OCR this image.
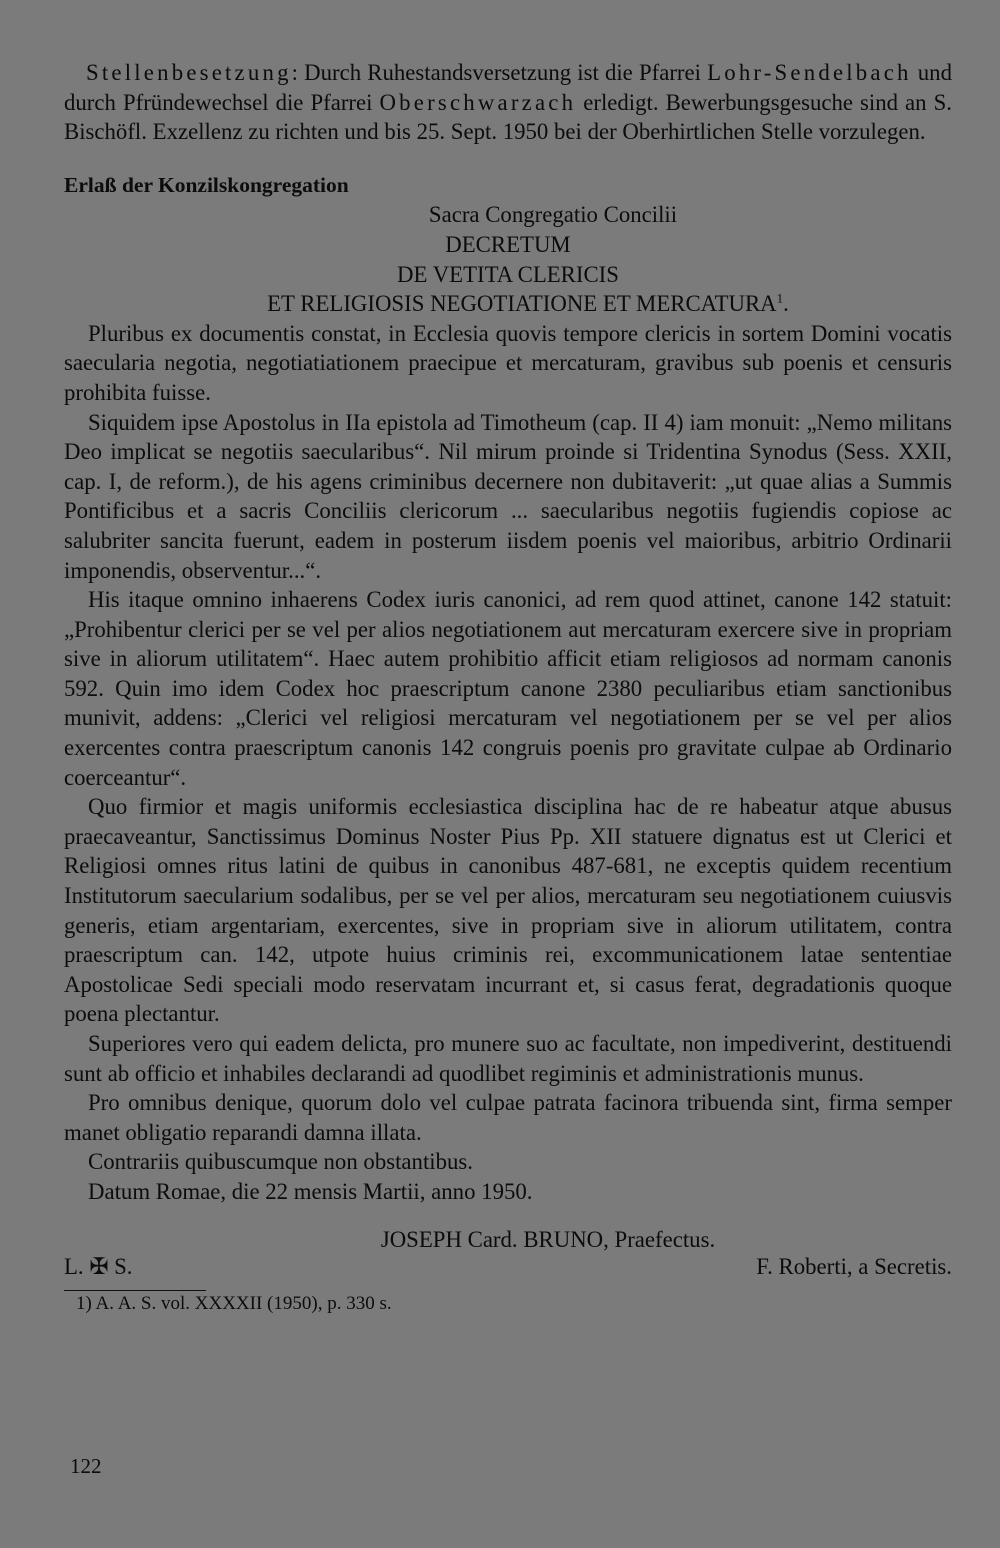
Stellenbesetzung: Durch Ruhestandsversetzung ist die Pfarrei Lohr-Sendelbach und durch Pfründewechsel die Pfarrei Oberschwarzach erledigt. Bewerbungsgesuche sind an S. Bischöfl. Exzellenz zu richten und bis 25. Sept. 1950 bei der Oberhirtlichen Stelle vorzulegen.

Erlaß der Konzilskongregation
Sacra Congregatio Concilii
DECRETUM
DE VETITA CLERICIS
ET RELIGIOSIS NEGOTIATIONE ET MERCATURA$^1$.

Pluribus ex documentis constat, in Ecclesia quovis tempore clericis in sortem Domini vocatis saecularia negotia, negotiatiationem praecipue et mercaturam, gravibus sub poenis et censuris prohibita fuisse.

Siquidem ipse Apostolus in IIa epistola ad Timotheum (cap. II 4) iam monuit: „Nemo militans Deo implicat se negotiis saecularibus“. Nil mirum proinde si Tridentina Synodus (Sess. XXII, cap. I, de reform.), de his agens criminibus decernere non dubitaverit: „ut quae alias a Summis Pontificibus et a sacris Conciliis clericorum ... saecularibus negotiis fugiendis copiose ac salubriter sancita fuerunt, eadem in posterum iisdem poenis vel maioribus, arbitrio Ordinarii imponendis, observentur...“.

His itaque omnino inhaerens Codex iuris canonici, ad rem quod attinet, canone 142 statuit: „Prohibentur clerici per se vel per alios negotiationem aut mercaturam exercere sive in propriam sive in aliorum utilitatem“. Haec autem prohibitio afficit etiam religiosos ad normam canonis 592. Quin imo idem Codex hoc praescriptum canone 2380 peculiaribus etiam sanctionibus munivit, addens: „Clerici vel religiosi mercaturam vel negotiationem per se vel per alios exercentes contra praescriptum canonis 142 congruis poenis pro gravitate culpae ab Ordinario coerceantur“.

Quo firmior et magis uniformis ecclesiastica disciplina hac de re habeatur atque abusus praecaveantur, Sanctissimus Dominus Noster Pius Pp. XII statuere dignatus est ut Clerici et Religiosi omnes ritus latini de quibus in canonibus 487-681, ne exceptis quidem recentium Institutorum saecularium sodalibus, per se vel per alios, mercaturam seu negotiationem cuiusvis generis, etiam argentariam, exercentes, sive in propriam sive in aliorum utilitatem, contra praescriptum can. 142, utpote huius criminis rei, excommunicationem latae sententiae Apostolicae Sedi speciali modo reservatam incurrant et, si casus ferat, degradationis quoque poena plectantur.

Superiores vero qui eadem delicta, pro munere suo ac facultate, non impediverint, destituendi sunt ab officio et inhabiles declarandi ad quodlibet regiminis et administrationis munus.

Pro omnibus denique, quorum dolo vel culpae patrata facinora tribuenda sint, firma semper manet obligatio reparandi damna illata.

Contrariis quibuscumque non obstantibus.

Datum Romae, die 22 mensis Martii, anno 1950.

JOSEPH Card. BRUNO, Praefectus.
L. ✠ S.	F. Roberti, a Secretis.
1) A. A. S. vol. XXXXII (1950), p. 330 s.
122
